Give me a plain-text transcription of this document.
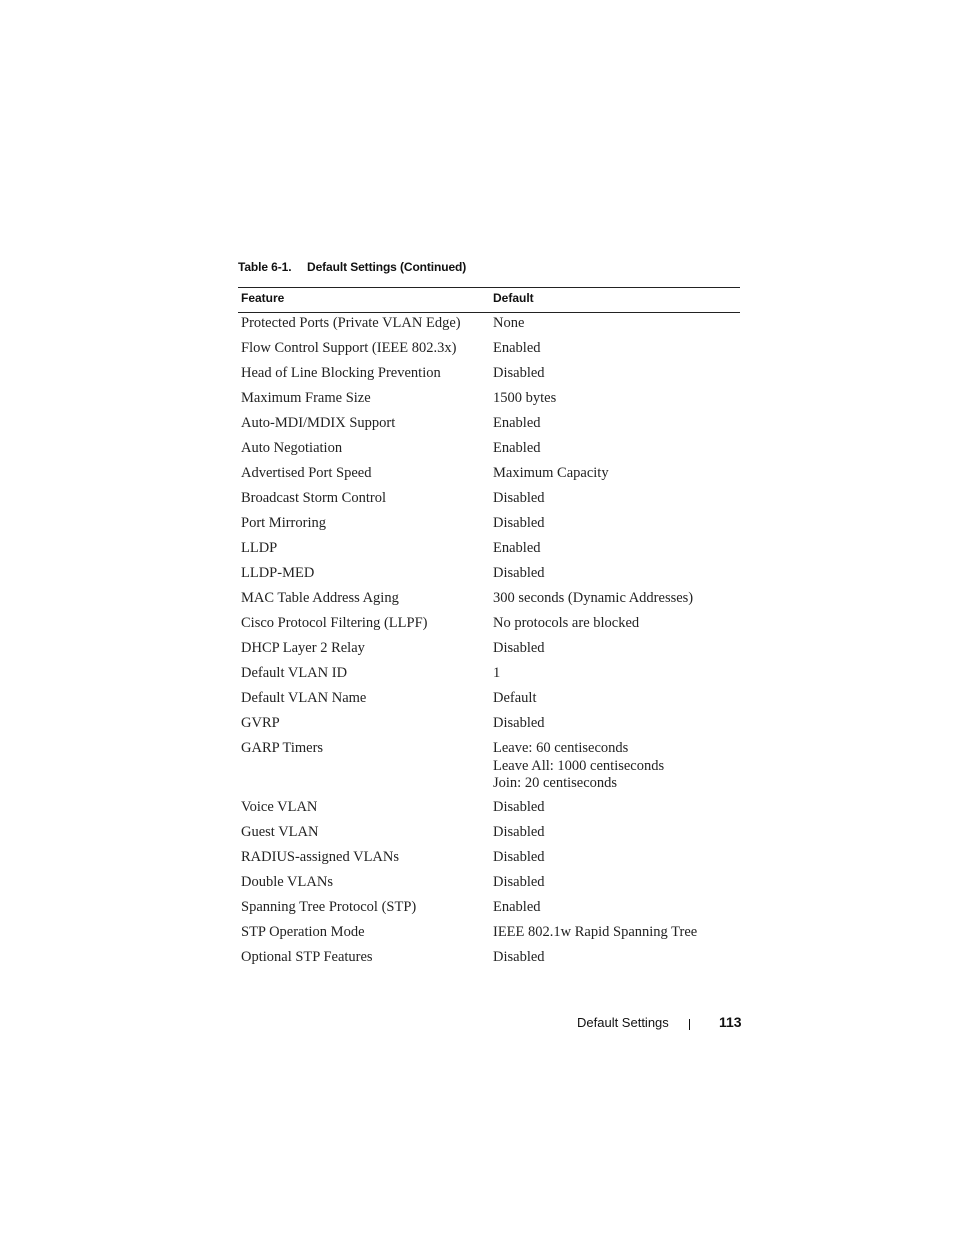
Table 6-1. Default Settings (Continued)
Feature	Default
Protected Ports (Private VLAN Edge) None
Flow Control Support (IEEE 802.3x)	Enabled
Head of Line Blocking Prevention	Disabled
Maximum Frame Size	1500 bytes
Auto-MDI/MDIX Support	Enabled
Auto Negotiation	Enabled
Advertised Port Speed	Maximum Capacity
Broadcast Storm Control	Disabled
Port Mirroring	Disabled
LLDP	Enabled
LLDP-MED	Disabled
MAC Table Address Aging	300 seconds (Dynamic Addresses)
Cisco Protocol Filtering (LLPF)	No protocols are blocked
DHCP Layer 2 Relay	Disabled
Default VLAN ID	1
Default VLAN Name	Default
GVRP	Disabled
GARP Timers	Leave: 60 centiseconds
Leave All: 1000 centiseconds
Join: 20 centiseconds
Voice VLAN	Disabled
Guest VLAN	Disabled
RADIUS-assigned VLANs	Disabled
Double VLANs	Disabled
Spanning Tree Protocol (STP)	Enabled
STP Operation Mode	IEEE 802.1w Rapid Spanning Tree
Optional STP Features	Disabled
Default Settings	113
